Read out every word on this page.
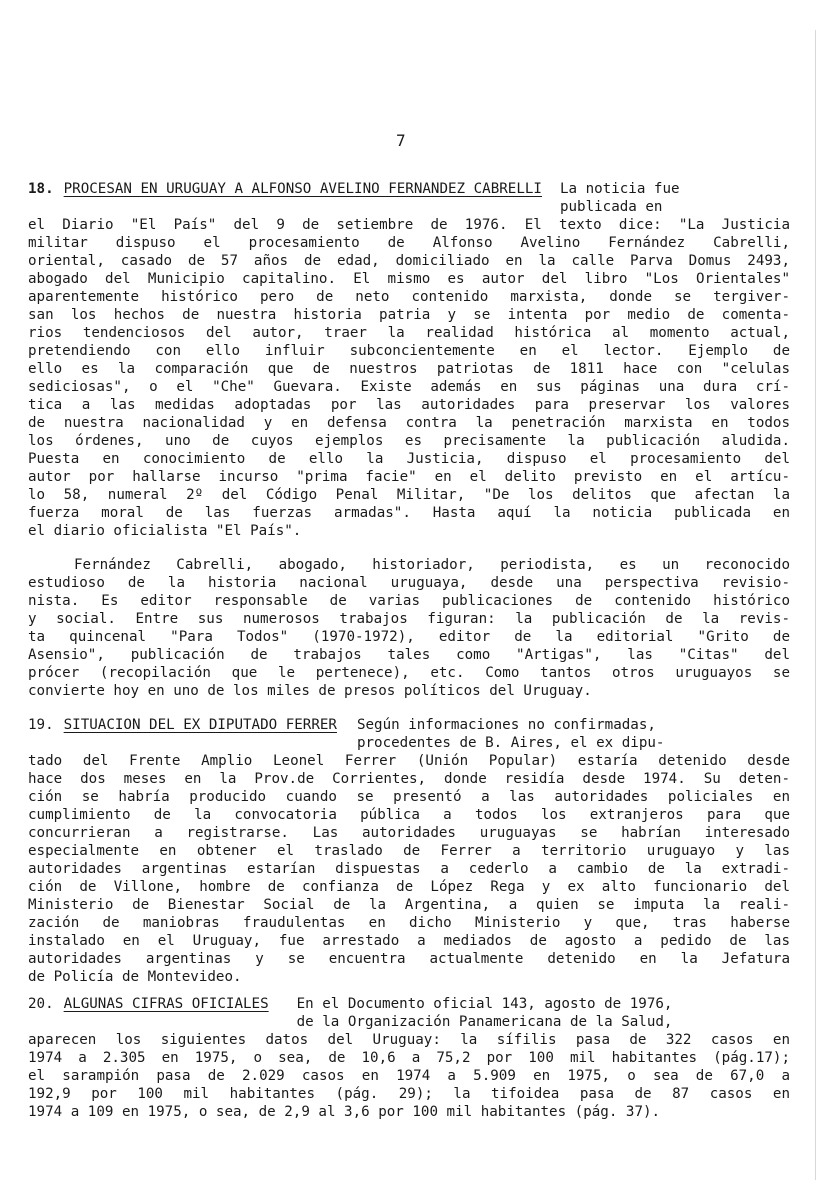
7
18. PROCESAN EN URUGUAY A ALFONSO AVELINO FERNANDEZ CABRELLI La noticia fue
publicada en
el Diario "El País" del 9 de setiembre de 1976. El texto dice: "La Justicia
militar dispuso el procesamiento de Alfonso Avelino Fernández Cabrelli,
oriental, casado de 57 años de edad, domiciliado en la calle Parva Domus 2493,
abogado del Municipio capitalino. El mismo es autor del libro "Los Orientales"
aparentemente histórico pero de neto contenido marxista, donde se tergiver-
san los hechos de nuestra historia patria y se intenta por medio de comenta-
rios tendenciosos del autor, traer la realidad histórica al momento actual,
pretendiendo con ello influir subconcientemente en el lector. Ejemplo de
ello es la comparación que de nuestros patriotas de 1811 hace con "celulas
sediciosas", o el "Che" Guevara. Existe además en sus páginas una dura crí-
tica a las medidas adoptadas por las autoridades para preservar los valores
de nuestra nacionalidad y en defensa contra la penetración marxista en todos
los órdenes, uno de cuyos ejemplos es precisamente la publicación aludida.
Puesta en conocimiento de ello la Justicia, dispuso el procesamiento del
autor por hallarse incurso "prima facie" en el delito previsto en el artícu-
lo 58, numeral 2º del Código Penal Militar, "De los delitos que afectan la
fuerza moral de las fuerzas armadas". Hasta aquí la noticia publicada en
el diario oficialista "El País".
Fernández Cabrelli, abogado, historiador, periodista, es un reconocido
estudioso de la historia nacional uruguaya, desde una perspectiva revisio-
nista. Es editor responsable de varias publicaciones de contenido histórico
y social. Entre sus numerosos trabajos figuran: la publicación de la revis-
ta quincenal "Para Todos" (1970-1972), editor de la editorial "Grito de
Asensio", publicación de trabajos tales como "Artigas", las "Citas" del
prócer (recopilación que le pertenece), etc. Como tantos otros uruguayos se
convierte hoy en uno de los miles de presos políticos del Uruguay.
19. SITUACION DEL EX DIPUTADO FERRER Según informaciones no confirmadas,
procedentes de B. Aires, el ex dipu-
tado del Frente Amplio Leonel Ferrer (Unión Popular) estaría detenido desde
hace dos meses en la Prov.de Corrientes, donde residía desde 1974. Su deten-
ción se habría producido cuando se presentó a las autoridades policiales en
cumplimiento de la convocatoria pública a todos los extranjeros para que
concurrieran a registrarse. Las autoridades uruguayas se habrían interesado
especialmente en obtener el traslado de Ferrer a territorio uruguayo y las
autoridades argentinas estarían dispuestas a cederlo a cambio de la extradi-
ción de Villone, hombre de confianza de López Rega y ex alto funcionario del
Ministerio de Bienestar Social de la Argentina, a quien se imputa la reali-
zación de maniobras fraudulentas en dicho Ministerio y que, tras haberse
instalado en el Uruguay, fue arrestado a mediados de agosto a pedido de las
autoridades argentinas y se encuentra actualmente detenido en la Jefatura
de Policía de Montevideo.
20. ALGUNAS CIFRAS OFICIALES En el Documento oficial 143, agosto de 1976,
de la Organización Panamericana de la Salud,
aparecen los siguientes datos del Uruguay: la sífilis pasa de 322 casos en
1974 a 2.305 en 1975, o sea, de 10,6 a 75,2 por 100 mil habitantes (pág.17);
el sarampión pasa de 2.029 casos en 1974 a 5.909 en 1975, o sea de 67,0 a
192,9 por 100 mil habitantes (pág. 29); la tifoidea pasa de 87 casos en
1974 a 109 en 1975, o sea, de 2,9 al 3,6 por 100 mil habitantes (pág. 37).
